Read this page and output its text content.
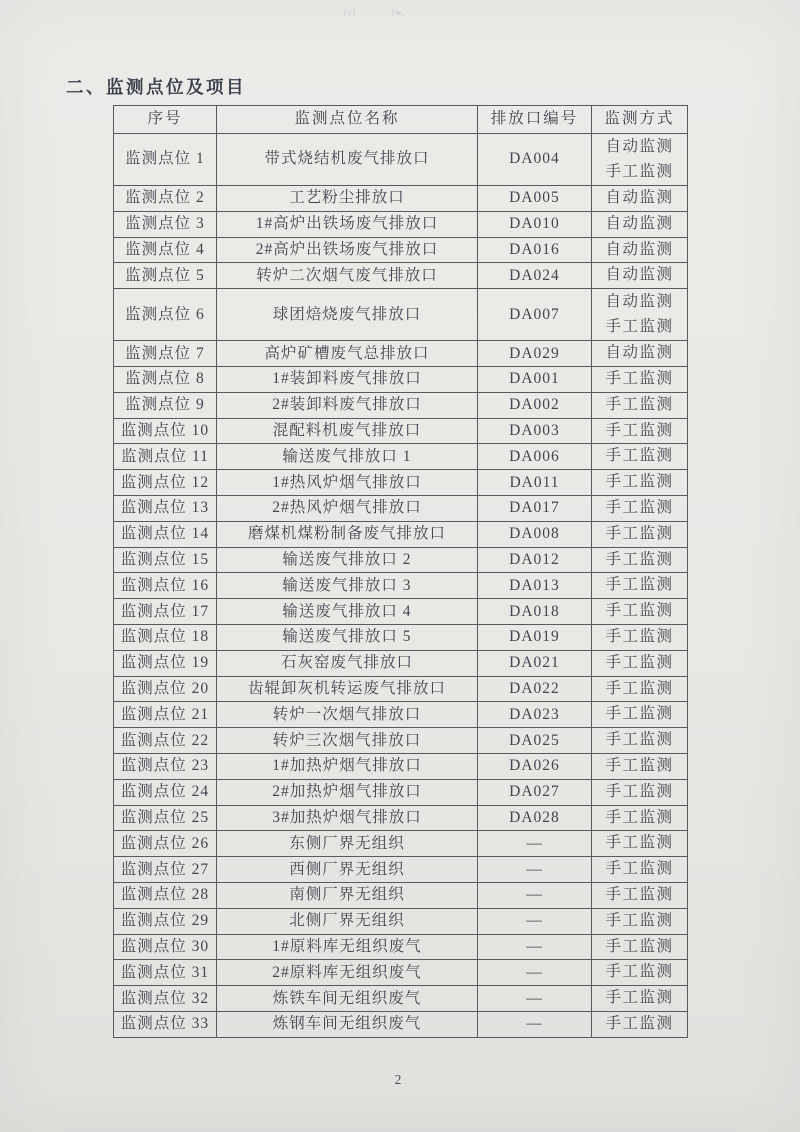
(v)	(w,
二、监测点位及项目
序号	监测点位名称	排放口编号	监测方式
监测点位 1	带式烧结机废气排放口	DA004	自动监测
手工监测

监测点位 2	工艺粉尘排放口	DA005	自动监测

监测点位 3	1#高炉出铁场废气排放口	DA010	自动监测

监测点位 4	2#高炉出铁场废气排放口	DA016	自动监测

监测点位 5	转炉二次烟气废气排放口	DA024	自动监测

监测点位 6	球团焙烧废气排放口	DA007	自动监测
手工监测

监测点位 7	高炉矿槽废气总排放口	DA029	自动监测

监测点位 8	1#装卸料废气排放口	DA001	手工监测

监测点位 9	2#装卸料废气排放口	DA002	手工监测

监测点位 10	混配料机废气排放口	DA003	手工监测

监测点位 11	输送废气排放口 1	DA006	手工监测

监测点位 12	1#热风炉烟气排放口	DA011	手工监测

监测点位 13	2#热风炉烟气排放口	DA017	手工监测

监测点位 14	磨煤机煤粉制备废气排放口	DA008	手工监测

监测点位 15	输送废气排放口 2	DA012	手工监测

监测点位 16	输送废气排放口 3	DA013	手工监测

监测点位 17	输送废气排放口 4	DA018	手工监测

监测点位 18	输送废气排放口 5	DA019	手工监测

监测点位 19	石灰窑废气排放口	DA021	手工监测

监测点位 20	齿辊卸灰机转运废气排放口	DA022	手工监测

监测点位 21	转炉一次烟气排放口	DA023	手工监测

监测点位 22	转炉三次烟气排放口	DA025	手工监测

监测点位 23	1#加热炉烟气排放口	DA026	手工监测

监测点位 24	2#加热炉烟气排放口	DA027	手工监测

监测点位 25	3#加热炉烟气排放口	DA028	手工监测

监测点位 26	东侧厂界无组织	—	手工监测

监测点位 27	西侧厂界无组织	—	手工监测

监测点位 28	南侧厂界无组织	—	手工监测

监测点位 29	北侧厂界无组织	—	手工监测

监测点位 30	1#原料库无组织废气	—	手工监测

监测点位 31	2#原料库无组织废气	—	手工监测

监测点位 32	炼铁车间无组织废气	—	手工监测

监测点位 33	炼钢车间无组织废气	—	手工监测
2
